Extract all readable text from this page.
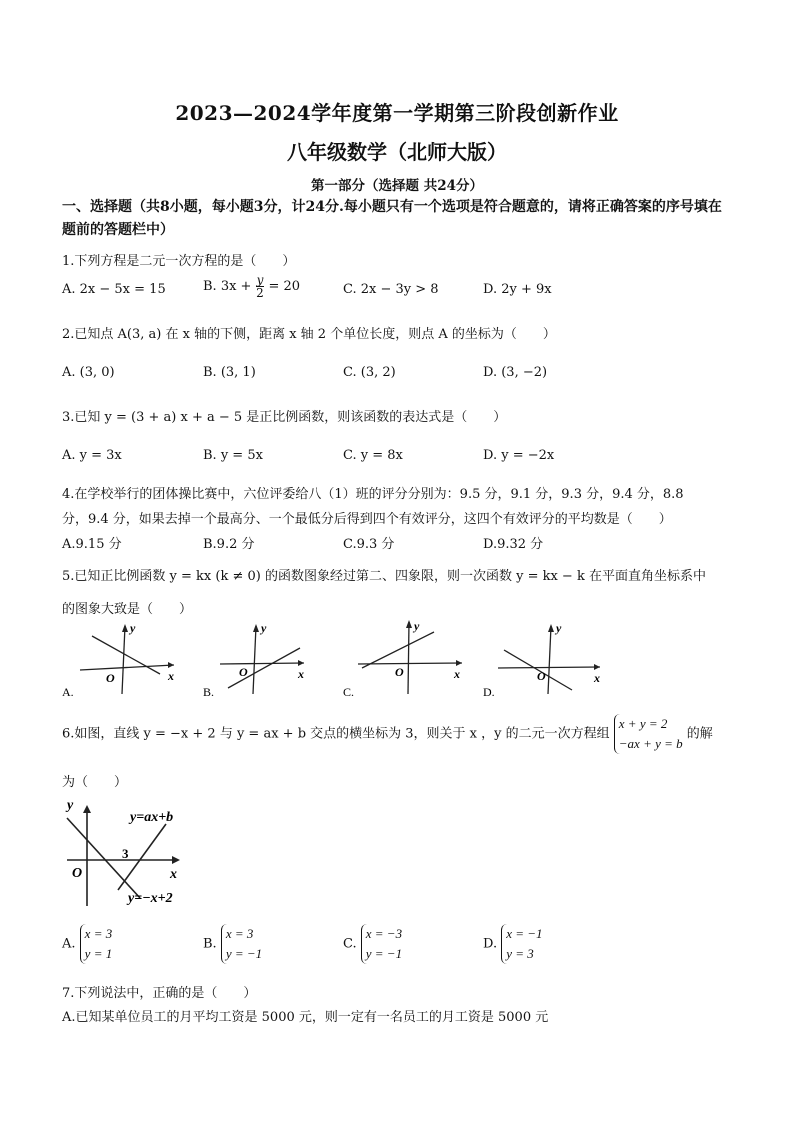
2023—2024学年度第一学期第三阶段创新作业
八年级数学（北师大版）
第一部分（选择题 共24分）
一、选择题（共8小题，每小题3分，计24分.每小题只有一个选项是符合题意的，请将正确答案的序号填在题前的答题栏中）
1.下列方程是二元一次方程的是（　　）
A. 2x − 5x = 15	B. $3x + \frac{y}{2} = 20$	C. 2x − 3y > 8	D. 2y + 9x
2.已知点 A(3, a) 在 x 轴的下侧，距离 x 轴 2 个单位长度，则点 A 的坐标为（　　）
A. (3, 0)	B. (3, 1)	C. (3, 2)	D. (3, −2)
3.已知 y = (3 + a) x + a − 5 是正比例函数，则该函数的表达式是（　　）
A. y = 3x	B. y = 5x	C. y = 8x	D. y = −2x
4.在学校举行的团体操比赛中，六位评委给八（1）班的评分分别为：9.5 分，9.1 分，9.3 分，9.4 分，8.8
分，9.4 分，如果去掉一个最高分、一个最低分后得到四个有效评分，这四个有效评分的平均数是（　　）
A.9.15 分	B.9.2 分	C.9.3 分	D.9.32 分
5.已知正比例函数 y = kx (k ≠ 0) 的函数图象经过第二、四象限，则一次函数 y = kx − k 在平面直角坐标系中
的图象大致是（　　）
y
x
O
A.
y
x
O
B.
y
x
O
C.
y
x
O
D.
6.如图，直线 y = −x + 2 与 y = ax + b 交点的横坐标为 3，则关于 x ，y 的二元一次方程组
x + y = 2
−ax + y = b
的解
为（　　）
y
x
O
3
y=ax+b
y=−x+2
A.
x = 3
y = 1
B.
x = 3
y = −1
C.
x = −3
y = −1
D.
x = −1
y = 3
7.下列说法中，正确的是（　　）
A.已知某单位员工的月平均工资是 5000 元，则一定有一名员工的月工资是 5000 元
